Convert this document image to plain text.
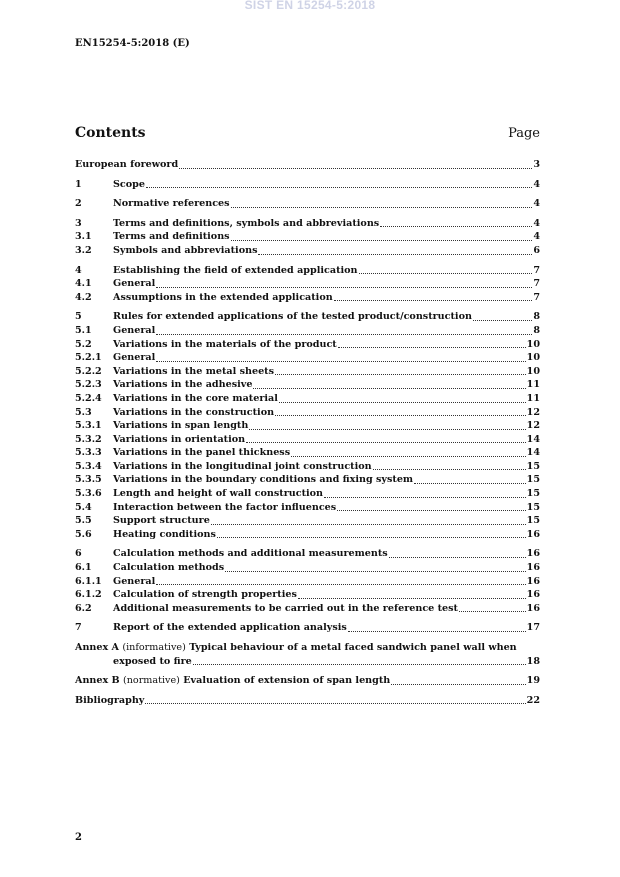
SIST EN 15254-5:2018
EN15254-5:2018 (E)
Contents	Page
European foreword	3
1	Scope	4
2	Normative references	4
3	Terms and definitions, symbols and abbreviations	4
3.1	Terms and definitions	4
3.2	Symbols and abbreviations	6
4	Establishing the field of extended application	7
4.1	General	7
4.2	Assumptions in the extended application	7
5	Rules for extended applications of the tested product/construction	8
5.1	General	8
5.2	Variations in the materials of the product	10
5.2.1	General	10
5.2.2	Variations in the metal sheets	10
5.2.3	Variations in the adhesive	11
5.2.4	Variations in the core material	11
5.3	Variations in the construction	12
5.3.1	Variations in span length	12
5.3.2	Variations in orientation	14
5.3.3	Variations in the panel thickness	14
5.3.4	Variations in the longitudinal joint construction	15
5.3.5	Variations in the boundary conditions and fixing system	15
5.3.6	Length and height of wall construction	15
5.4	Interaction between the factor influences	15
5.5	Support structure	15
5.6	Heating conditions	16
6	Calculation methods and additional measurements	16
6.1	Calculation methods	16
6.1.1	General	16
6.1.2	Calculation of strength properties	16
6.2	Additional measurements to be carried out in the reference test	16
7	Report of the extended application analysis	17
Annex A (informative) Typical behaviour of a metal faced sandwich panel wall when
exposed to fire	18
Annex B (normative) Evaluation of extension of span length	19
Bibliography	22
2
